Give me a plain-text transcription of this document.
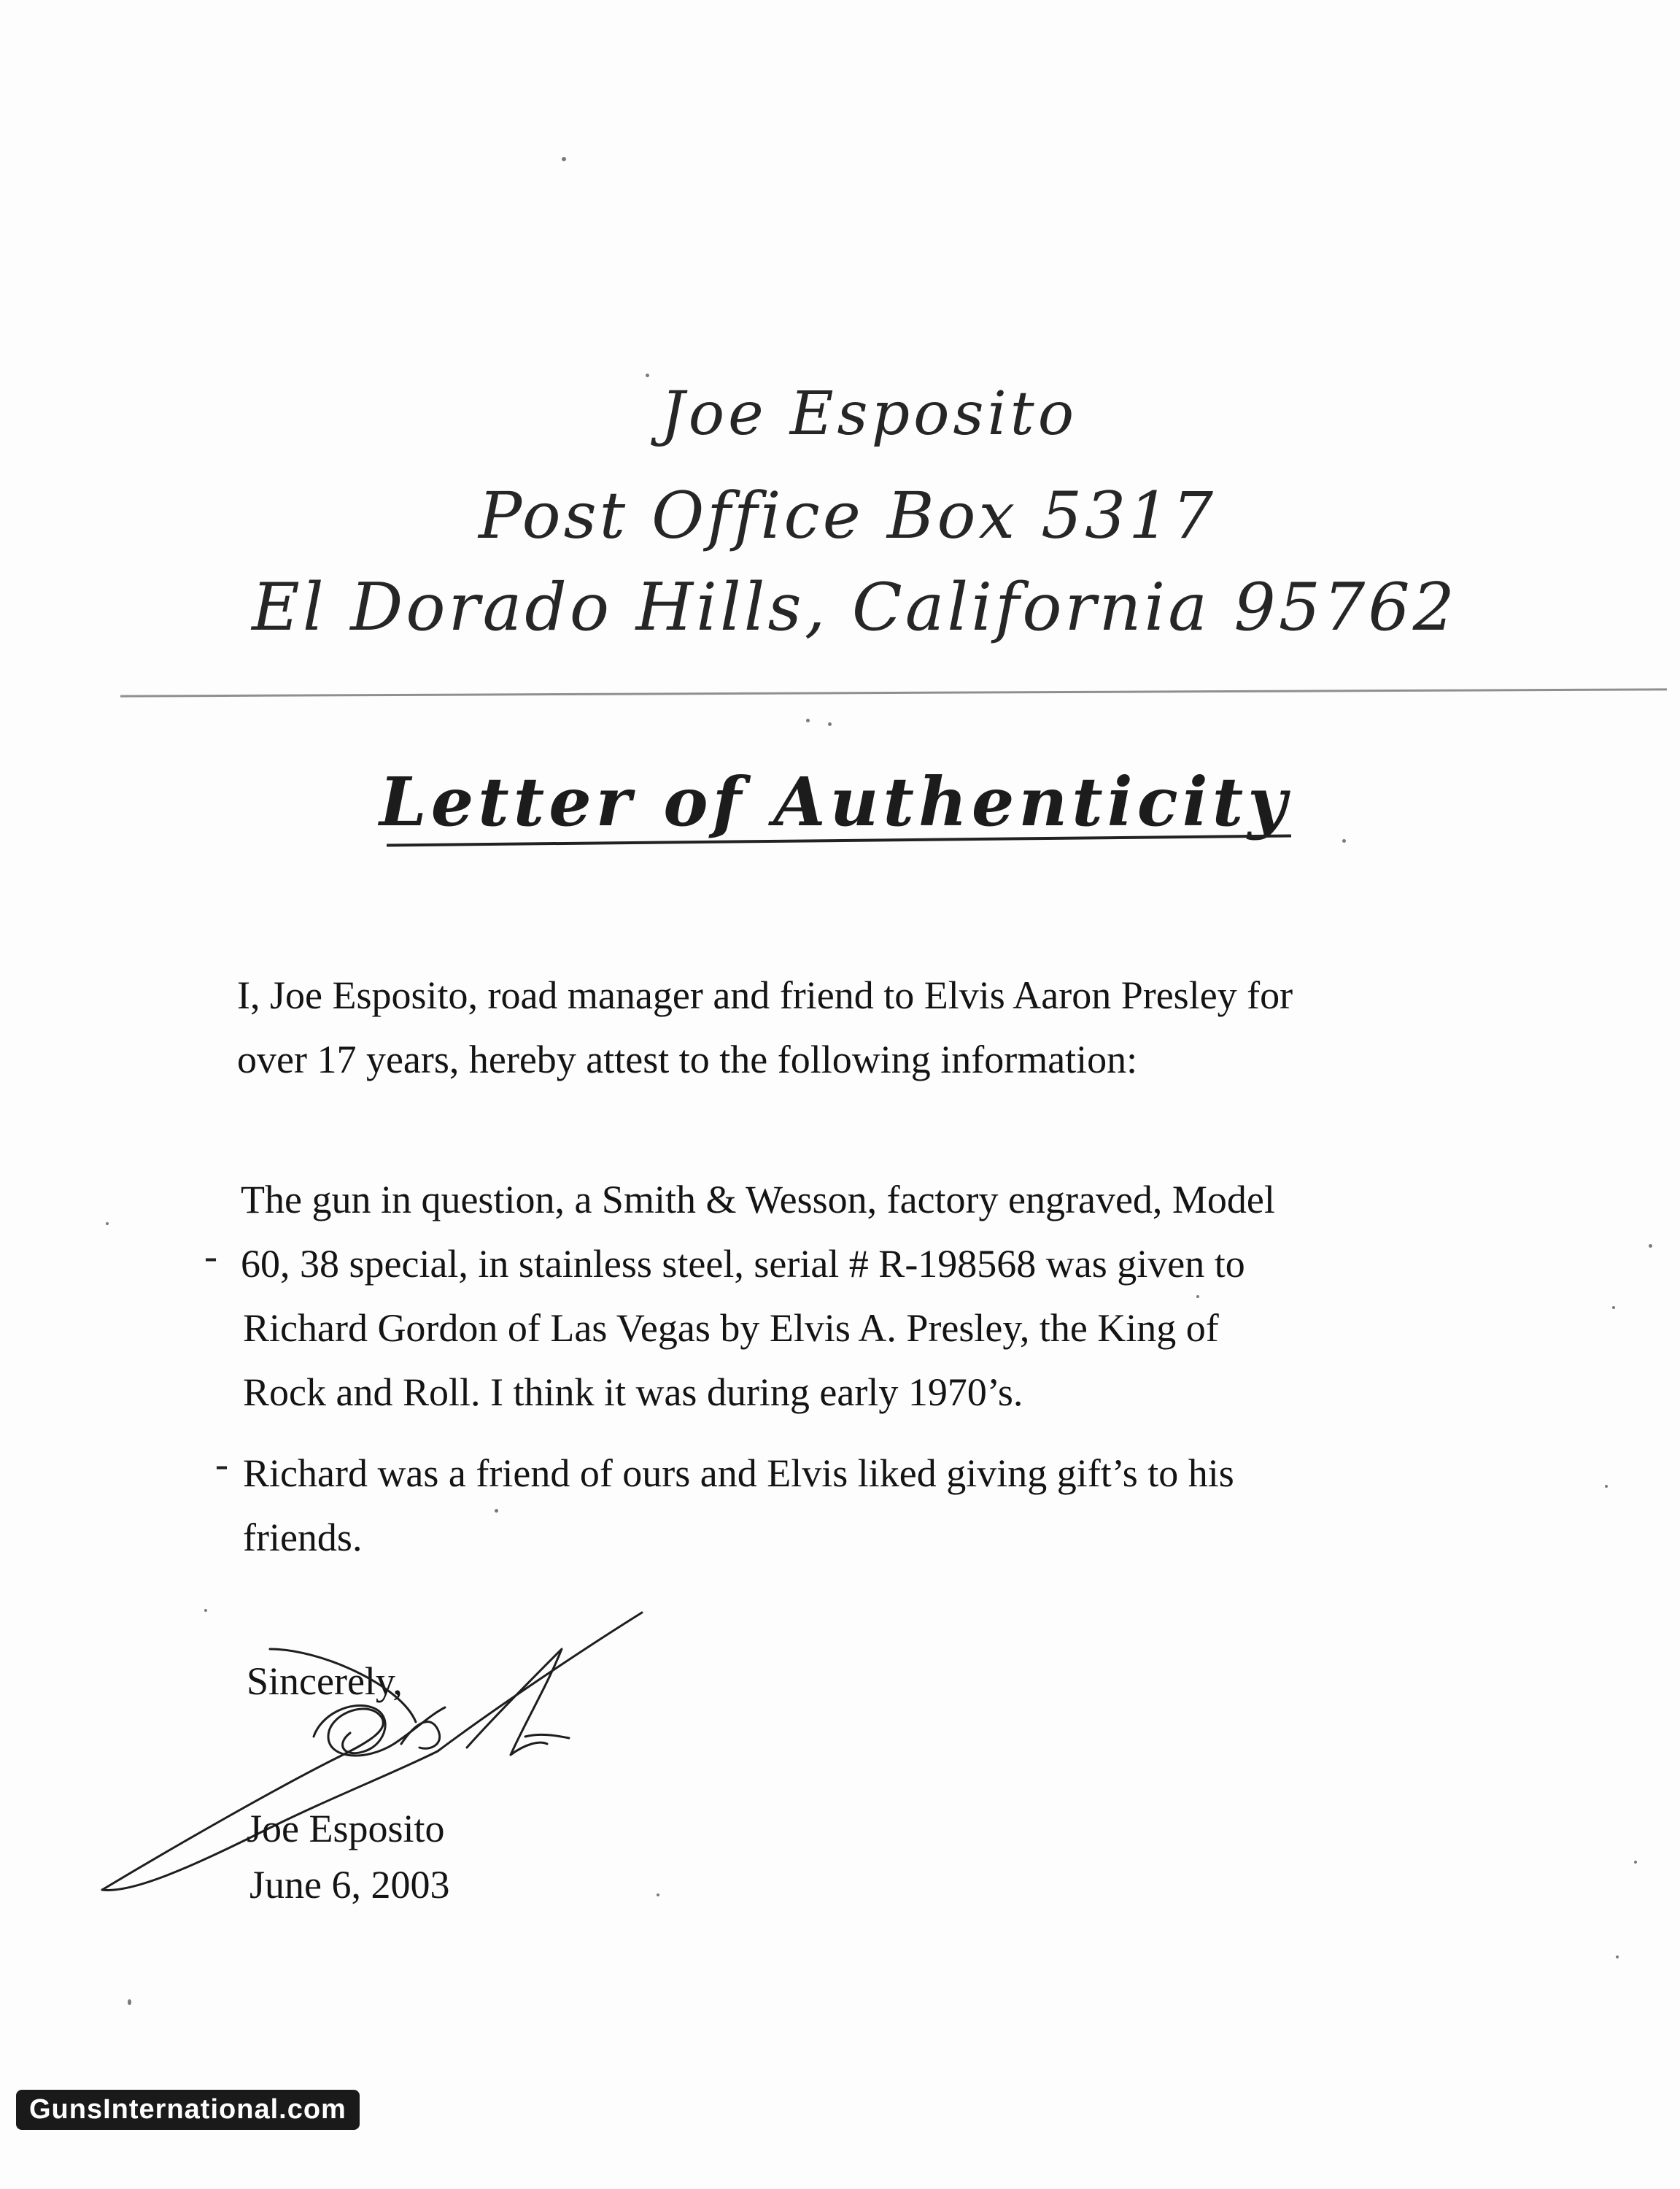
Joe Esposito
Post Office Box 5317
El Dorado Hills, California 95762
Letter of Authenticity
I, Joe Esposito, road manager and friend to Elvis Aaron Presley for
over 17 years, hereby attest to the following information:
The gun in question, a Smith & Wesson, factory engraved, Model
- 60, 38 special, in stainless steel, serial # R-198568 was given to
Richard Gordon of Las Vegas by Elvis A. Presley, the King of
Rock and Roll. I think it was during early 1970’s.
- Richard was a friend of ours and Elvis liked giving gift’s to his
friends.
Sincerely,
Joe Esposito
June 6, 2003
GunsInternational.com
